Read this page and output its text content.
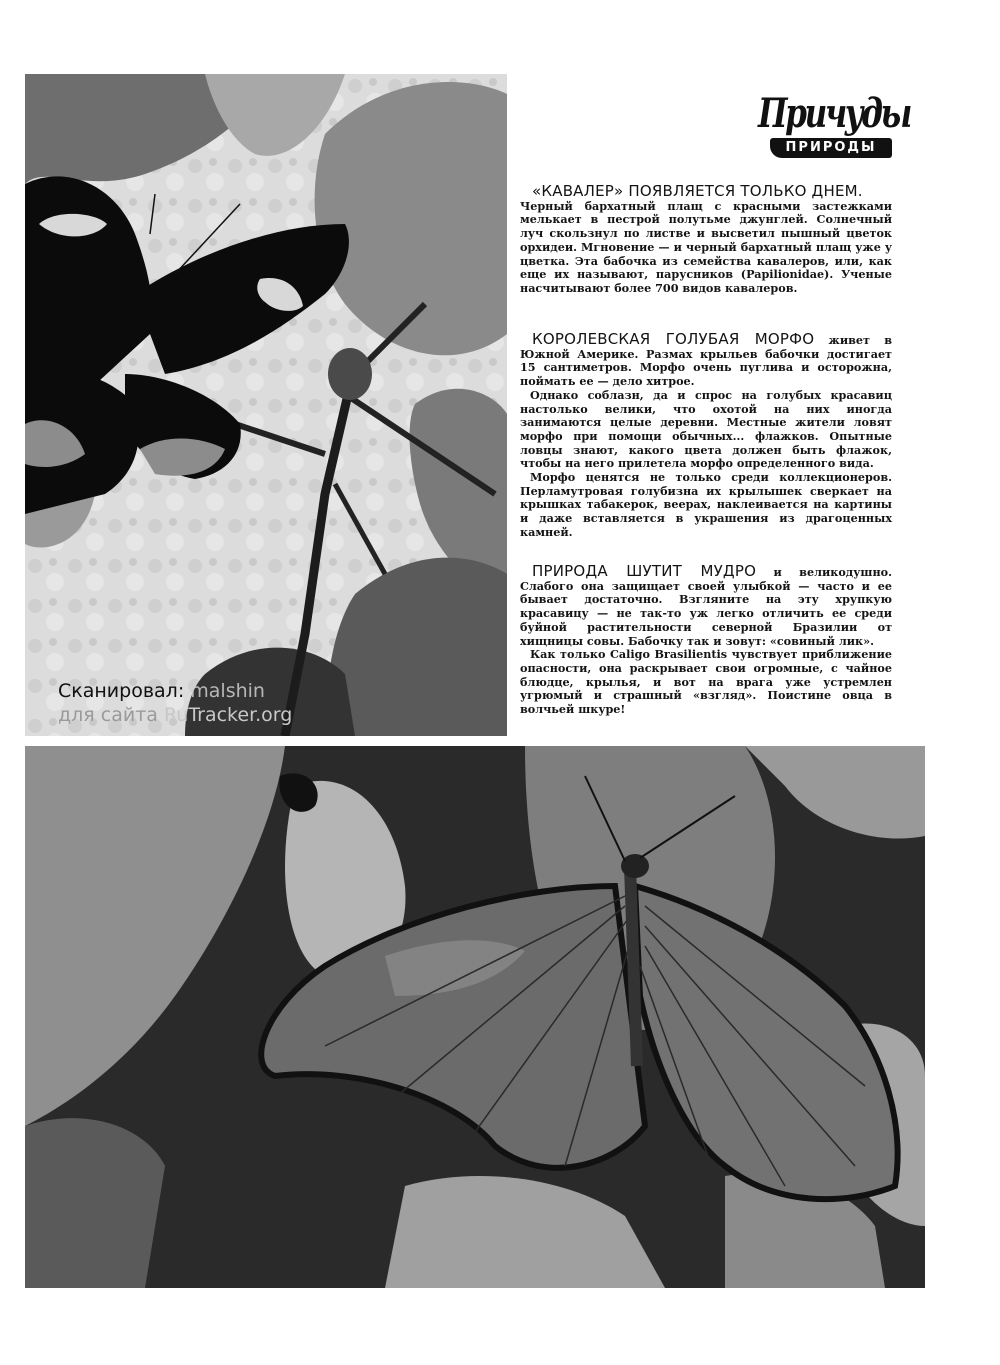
Сканировал: malshin
для сайта RuTracker.org
Причуды
ПРИРОДЫ

«КАВАЛЕР» ПОЯВЛЯЕТСЯ ТОЛЬКО ДНЕМ.

Черный бархатный плащ с красными застежками мелькает в пестрой полутьме джунглей. Солнечный луч скользнул по листве и высветил пышный цветок орхидеи. Мгновение — и черный бархатный плащ уже у цветка. Эта бабочка из семейства кавалеров, или, как еще их называют, парусников (Papilionidae). Ученые насчитывают более 700 видов кавалеров.

КОРОЛЕВСКАЯ ГОЛУБАЯ МОРФО живет в Южной Америке. Размах крыльев бабочки достигает 15 сантиметров. Морфо очень пуглива и осторожна, поймать ее — дело хитрое.

Однако соблазн, да и спрос на голубых красавиц настолько велики, что охотой на них иногда занимаются целые деревни. Местные жители ловят морфо при помощи обычных... флажков. Опытные ловцы знают, какого цвета должен быть флажок, чтобы на него прилетела морфо определенного вида.

Морфо ценятся не только среди коллекционеров. Перламутровая голубизна их крылышек сверкает на крышках табакерок, веерах, наклеивается на картины и даже вставляется в украшения из драгоценных камней.

ПРИРОДА ШУТИТ МУДРО и великодушно. Слабого она защищает своей улыбкой — часто и ее бывает достаточно. Взгляните на эту хрупкую красавицу — не так-то уж легко отличить ее среди буйной растительности северной Бразилии от хищницы совы. Бабочку так и зовут: «совиный лик».

Как только Caligo Brasilientis чувствует приближение опасности, она раскрывает свои огромные, с чайное блюдце, крылья, и вот на врага уже устремлен угрюмый и страшный «взгляд». Поистине овца в волчьей шкуре!
